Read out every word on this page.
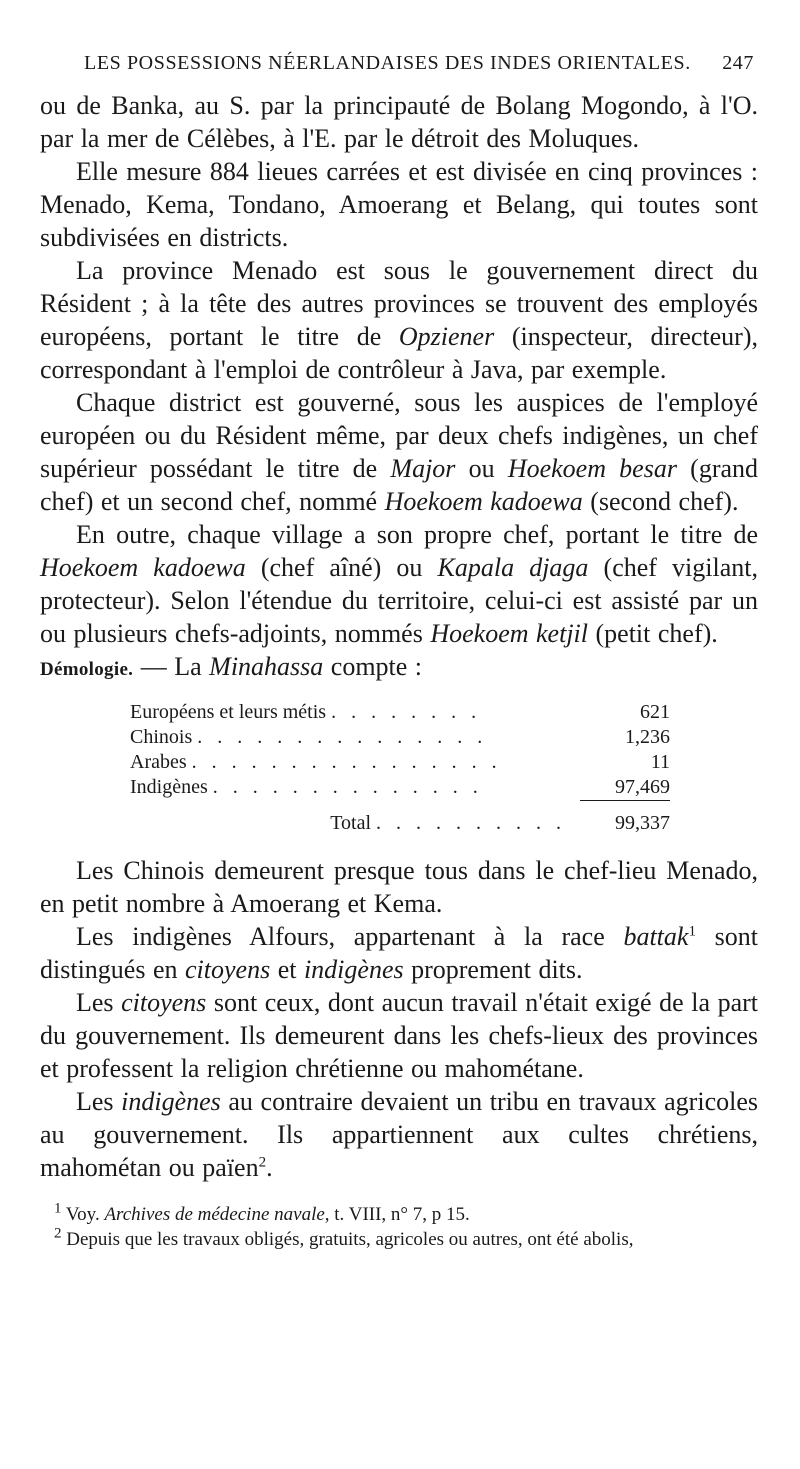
LES POSSESSIONS NÉERLANDAISES DES INDES ORIENTALES. 247

ou de Banka, au S. par la principauté de Bolang Mogondo, à l'O. par la mer de Célèbes, à l'E. par le détroit des Moluques.

Elle mesure 884 lieues carrées et est divisée en cinq provinces : Menado, Kema, Tondano, Amoerang et Belang, qui toutes sont subdivisées en districts.

La province Menado est sous le gouvernement direct du Résident ; à la tête des autres provinces se trouvent des employés européens, portant le titre de Opziener (inspecteur, directeur), correspondant à l'emploi de contrôleur à Java, par exemple.

Chaque district est gouverné, sous les auspices de l'employé européen ou du Résident même, par deux chefs indigènes, un chef supérieur possédant le titre de Major ou Hoekoem besar (grand chef) et un second chef, nommé Hoekoem kadoewa (second chef).

En outre, chaque village a son propre chef, portant le titre de Hoekoem kadoewa (chef aîné) ou Kapala djaga (chef vigilant, protecteur). Selon l'étendue du territoire, celui-ci est assisté par un ou plusieurs chefs-adjoints, nommés Hoekoem ketjil (petit chef).

Démologie. — La Minahassa compte :

Européens et leurs métis . . . . . . . .	621
Chinois . . . . . . . . . . . . . . .	1,236
Arabes . . . . . . . . . . . . . . . .	11
Indigènes . . . . . . . . . . . . . .	97,469
Total . . . . . . . . . .	99,337

Les Chinois demeurent presque tous dans le chef-lieu Menado, en petit nombre à Amoerang et Kema.

Les indigènes Alfours, appartenant à la race battak$^1$ sont distingués en citoyens et indigènes proprement dits.

Les citoyens sont ceux, dont aucun travail n'était exigé de la part du gouvernement. Ils demeurent dans les chefs-lieux des provinces et professent la religion chrétienne ou mahométane.

Les indigènes au contraire devaient un tribu en travaux agricoles au gouvernement. Ils appartiennent aux cultes chrétiens, mahométan ou païen$^2$.

$^1$ Voy. Archives de médecine navale, t. VIII, n° 7, p 15.

$^2$ Depuis que les travaux obligés, gratuits, agricoles ou autres, ont été abolis,
